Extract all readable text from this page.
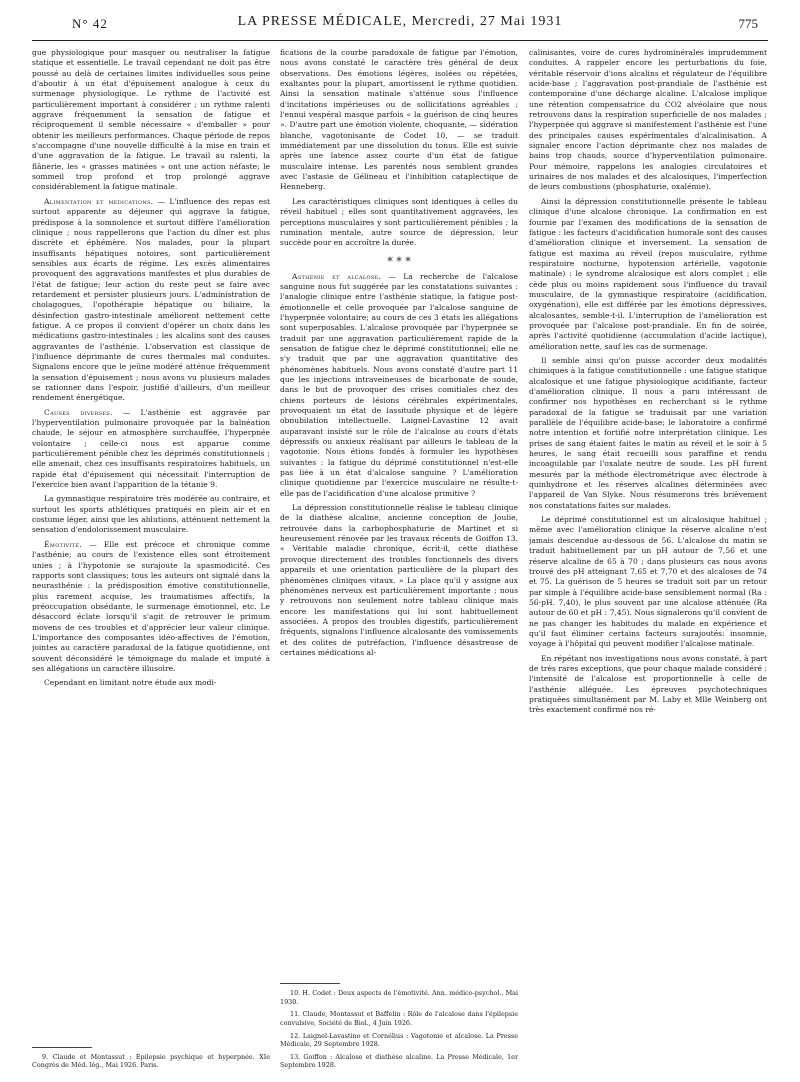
N° 42	LA PRESSE MÉDICALE, Mercredi, 27 Mai 1931	775

gue physiologique pour masquer ou neutraliser la fatigue statique et essentielle. Le travail cependant ne doit pas être poussé au delà de certaines limites individuelles sous peine d'aboutir à un état d'épuisement analogue à ceux du surmenage physiologique. Le rythme de l'activité est particulièrement important à considérer ; un rythme ralenti aggrave fréquemment la sensation de fatigue et réciproquement il semble nécessaire « d'emballer » pour obtenir les meilleurs performances. Chaque période de repos s'accompagne d'une nouvelle difficulté à la mise en train et d'une aggravation de la fatigue. Le travail au ralenti, la flânerie, les « grasses matinées » ont une action néfaste; le sommeil trop profond et trop prolongé aggrave considérablement la fatigue matinale.

Alimentation et médications. — L'influence des repas est surtout apparente au déjeuner qui aggrave la fatigue, prédispose à la somnolence et surtout diffère l'amélioration clinique ; nous rappellerons que l'action du dîner est plus discrète et éphémère. Nos malades, pour la plupart insuffisants hépatiques notoires, sont particulièrement sensibles aux écarts de régime. Les excès alimentaires provoquent des aggravations manifestes et plus durables de l'état de fatigue; leur action du reste peut se faire avec retardement et persister plusieurs jours. L'administration de cholagogues, l'opothérapie hépatique ou biliaire, la désinfection gastro-intestinale améliorent nettement cette fatigue. A ce propos il convient d'opérer un choix dans les médications gastro-intestinales ; les alcalins sont des causes aggravantes de l'asthénie. L'observation est classique de l'influence déprimante de cures thermales mal conduites. Signalons encore que le jeûne modéré atténue fréquemment la sensation d'épuisement ; nous avons vu plusieurs malades se rationner dans l'espoir, justifié d'ailleurs, d'un meilleur rendement énergétique.

Causes diverses. — L'asthénie est aggravée par l'hyperventilation pulmonaire provoquée par la balnéation chaude, le séjour en atmosphère surchauffée, l'hyperpnée volontaire ; celle-ci nous est apparue comme particulièrement pénible chez les déprimés constitutionnels ; elle amenait, chez ces insuffisants respiratoires habituels, un rapide état d'épuisement qui nécessitait l'interruption de l'exercice bien avant l'apparition de la tétanie 9.

La gymnastique respiratoire très modérée au contraire, et surtout les sports athlétiques pratiqués en plein air et en costume léger, ainsi que les ablutions, atténuent nettement la sensation d'endolorissement musculaire.

Émotivité. — Elle est précoce et chronique comme l'asthénie; au cours de l'existence elles sont étroitement unies ; à l'hypotonie se surajoute la spasmodicité. Ces rapports sont classiques; tous les auteurs ont signalé dans la neurasthénie : la prédisposition émotive constitutionnelle, plus rarement acquise, les traumatismes affectifs, la préoccupation obsédante, le surmenage émotionnel, etc. Le désaccord éclate lorsqu'il s'agit de retrouver le primum movens de ces troubles et d'apprécier leur valeur clinique. L'importance des composantes idéo-affectives de l'émotion, jointes au caractère paradoxal de la fatigue quotidienne, ont souvent déconsidéré le témoignage du malade et imputé à ses allégations un caractère illusoire.

Cependant en limitant notre étude aux modi-

9. Claude et Montassut : Epilepsie psychique et hyperpnée. XIe Congrès de Méd. lég., Mai 1926. Paris.

fications de la courbe paradoxale de fatigue par l'émotion, nous avons constaté le caractère très général de deux observations. Des émotions légères, isolées ou répétées, exaltantes pour la plupart, amortissent le rythme quotidien. Ainsi la sensation matinale s'atténue sous l'influence d'incitations impérieuses ou de sollicitations agréables ; l'ennui vespéral masque parfois « la guérison de cinq heures ». D'autre part une émotion violente, choquante, — sidération blanche, vagotonisante de Codet 10, — se traduit immédiatement par une dissolution du tonus. Elle est suivie après une latence assez courte d'un état de fatigue musculaire intense. Les parentés nous semblent grandes avec l'astasie de Gélineau et l'inhibition cataplectique de Henneberg.

Les caractéristiques cliniques sont identiques à celles du réveil habituel ; elles sont quantitativement aggravées, les perceptions musculaires y sont particulièrement pénibles ; la rumination mentale, autre source de dépression, leur succède pour en accroître la durée.

* * *

Asthénie et alcalose. — La recherche de l'alcalose sanguine nous fut suggérée par les constatations suivantes : l'analogie clinique entre l'asthénie statique, la fatigue post-émotionnelle et celle provoquée par l'alcalose sanguine de l'hyperpnée volontaire; au cours de ces 3 états les allégations sont superposables. L'alcalose provoquée par l'hyperpnée se traduit par une aggravation particulièrement rapide de la sensation de fatigue chez le déprimé constitutionnel; elle ne s'y traduit que par une aggravation quantitative des phénomènes habituels. Nous avons constaté d'autre part 11 que les injections intraveineuses de bicarbonate de soude, dans le but de provoquer des crises comitiales chez des chiens porteurs de lésions cérébrales expérimentales, provoquaient un état de lassitude physique et de légère obnubilation intellectuelle. Laignel-Lavastine 12 avait auparavant insisté sur le rôle de l'alcalose au cours d'états dépressifs ou anxieux réalisant par ailleurs le tableau de la vagotonie. Nous étions fondés à formuler les hypothèses suivantes : la fatigue du déprimé constitutionnel n'est-elle pas liée à un état d'alcalose sanguine ? L'amélioration clinique quotidienne par l'exercice musculaire ne résulte-t-elle pas de l'acidification d'une alcalose primitive ?

La dépression constitutionnelle réalise le tableau clinique de la diathèse alcaline, ancienne conception de Joulie, retrouvée dans la carbophosphaturie de Martinet et si heureusement rénovée par les travaux récents de Goiffon 13. « Véritable maladie chronique, écrit-il, cette diathèse provoque directement des troubles fonctionnels des divers appareils et une orientation particulière de la plupart des phénomènes cliniques vitaux. » La place qu'il y assigne aux phénomènes nerveux est particulièrement importante ; nous y retrouvons non seulement notre tableau clinique mais encore les manifestations qui lui sont habituellement associées. A propos des troubles digestifs, particulièrement fréquents, signalons l'influence alcalosante des vomissements et des colites de putréfaction, l'influence désastreuse de certaines médications al-

10. H. Codet : Deux aspects de l'émotivité. Ann. médico-psychol., Mai 1930.

11. Claude, Montassut et Baffelin : Rôle de l'alcalose dans l'épilepsie convulsive, Société de Biol., 4 Juin 1926.

12. Laignel-Lavastine et Cornélius : Vagotonie et alcalose. La Presse Médicale, 29 Septembre 1928.

13. Goiffon : Alcalose et diathèse alcaline. La Presse Médicale, 1er Septembre 1928.

calinisantes, voire de cures hydrominérales imprudemment conduites. A rappeler encore les perturbations du foie, véritable réservoir d'ions alcalins et régulateur de l'équilibre acide-base ; l'aggravation post-prandiale de l'asthénie est contemporaine d'une décharge alcaline. L'alcalose implique une rétention compensatrice du CO2 alvéolaire que nous retrouvons dans la respiration superficielle de nos malades ; l'hyperpnée qui aggrave si manifestement l'asthénie est l'une des principales causes expérimentales d'alcalinisation. A signaler encore l'action déprimante chez nos malades de bains trop chauds, source d'hyperventilation pulmonaire. Pour mémoire, rappelons les analogies circulatoires et urinaires de nos malades et des alcalosiques, l'imperfection de leurs combustions (phosphaturie, oxalémie).

Ainsi la dépression constitutionnelle présente le tableau clinique d'une alcalose chronique. La confirmation en est fournie par l'examen des modifications de la sensation de fatigue : les facteurs d'acidification humorale sont des causes d'amélioration clinique et inversement. La sensation de fatigue est maxima au réveil (repos musculaire, rythme respiratoire nocturne, hypotension artérielle, vagotonie matinale) : le syndrome alcalosique est alors complet ; elle cède plus ou moins rapidement sous l'influence du travail musculaire, de la gymnastique respiratoire (acidification, oxygénation), elle est différée par les émotions dépressives, alcalosantes, semble-t-il. L'interruption de l'amélioration est provoquée par l'alcalose post-prandiale. En fin de soirée, après l'activité quotidienne (accumulation d'acide lactique), amélioration nette, sauf les cas de surmenage.

Il semble ainsi qu'on puisse accorder deux modalités chimiques à la fatigue constitutionnelle : une fatigue statique alcalosique et une fatigue physiologique acidifiante, facteur d'amélioration clinique. Il nous a paru intéressant de confirmer nos hypothèses en recherchant si le rythme paradoxal de la fatigue se traduisait par une variation parallèle de l'équilibre acide-base; le laboratoire a confirmé notre intention et fortifié notre interprétation clinique. Les prises de sang étaient faites le matin au réveil et le soir à 5 heures, le sang était recueilli sous paraffine et rendu incoagulable par l'oxalate neutre de soude. Les pH furent mesurés par la méthode électrométrique avec électrode à quinhydrone et les réserves alcalines déterminées avec l'appareil de Van Slyke. Nous résumerons très brièvement nos constatations faites sur malades.

Le déprimé constitutionnel est un alcalosique habituel ; même avec l'amélioration clinique la réserve alcaline n'est jamais descendue au-dessous de 56. L'alcalose du matin se traduit habituellement par un pH autour de 7,56 et une réserve alcaline de 65 à 70 ; dans plusieurs cas nous avons trouvé des pH atteignant 7,65 et 7,70 et des alcaloses de 74 et 75. La guérison de 5 heures se traduit soit par un retour par simple à l'équilibre acide-base sensiblement normal (Ra : 56-pH. 7,40), le plus souvent par une alcalose atténuée (Ra autour de 60 et pH : 7,45). Nous signalerons qu'il convient de ne pas changer les habitudes du malade en expérience et qu'il faut éliminer certains facteurs surajoutés: insomnie, voyage à l'hôpital qui peuvent modifier l'alcalose matinale.

En répétant nos investigations nous avons constaté, à part de très rares exceptions, que pour chaque malade considéré : l'intensité de l'alcalose est proportionnelle à celle de l'asthénie alléguée. Les épreuves psychotechniques pratiquées simultanément par M. Laby et Mlle Weinberg ont très exactement confirmé nos ré-
